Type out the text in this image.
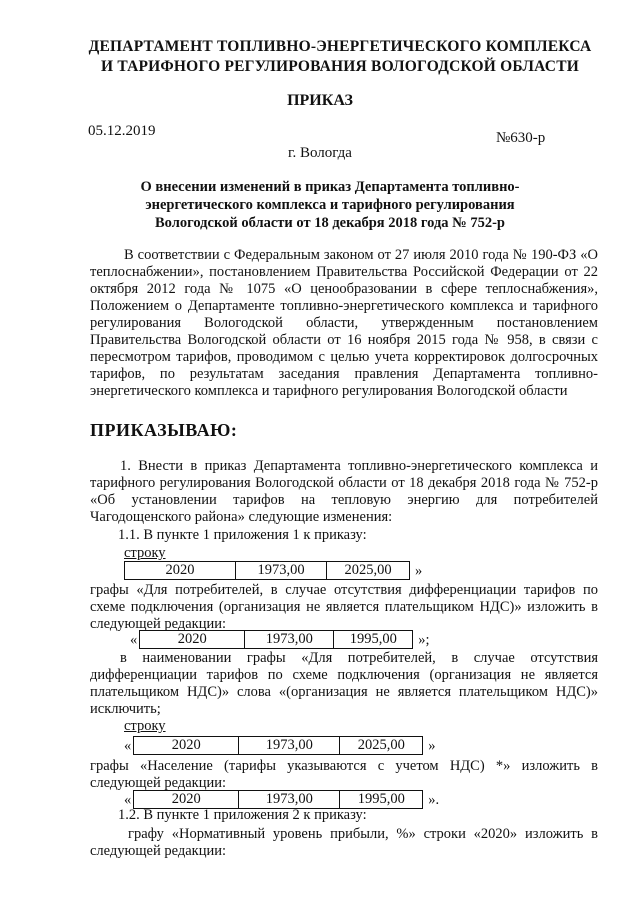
ДЕПАРТАМЕНТ ТОПЛИВНО-ЭНЕРГЕТИЧЕСКОГО КОМПЛЕКСА
И ТАРИФНОГО РЕГУЛИРОВАНИЯ ВОЛОГОДСКОЙ ОБЛАСТИ
ПРИКАЗ
05.12.2019	№630-р
г. Вологда
О внесении изменений в приказ Департамента топливно-энергетического комплекса и тарифного регулирования Вологодской области от 18 декабря 2018 года № 752-р
В соответствии с Федеральным законом от 27 июля 2010 года № 190-ФЗ «О теплоснабжении», постановлением Правительства Российской Федерации от 22 октября 2012 года № 1075 «О ценообразовании в сфере теплоснабжения», Положением о Департаменте топливно-энергетического комплекса и тарифного регулирования Вологодской области, утвержденным постановлением Правительства Вологодской области от 16 ноября 2015 года № 958, в связи с пересмотром тарифов, проводимом с целью учета корректировок долгосрочных тарифов, по результатам заседания правления Департамента топливно-энергетического комплекса и тарифного регулирования Вологодской области
ПРИКАЗЫВАЮ:
1. Внести в приказ Департамента топливно-энергетического комплекса и тарифного регулирования Вологодской области от 18 декабря 2018 года № 752-р «Об установлении тарифов на тепловую энергию для потребителей Чагодощенского района» следующие изменения:
1.1. В пункте 1 приложения 1 к приказу:
строку
2020	1973,00	2025,00	»
графы «Для потребителей, в случае отсутствия дифференциации тарифов по схеме подключения (организация не является плательщиком НДС)» изложить в следующей редакции:
«	2020	1973,00	1995,00	»;
в наименовании графы «Для потребителей, в случае отсутствия дифференциации тарифов по схеме подключения (организация не является плательщиком НДС)» слова «(организация не является плательщиком НДС)» исключить;
строку
«	2020	1973,00	2025,00	»
графы «Население (тарифы указываются с учетом НДС) *» изложить в следующей редакции:
«	2020	1973,00	1995,00	».
1.2. В пункте 1 приложения 2 к приказу:
графу «Нормативный уровень прибыли, %» строки «2020» изложить в следующей редакции:
